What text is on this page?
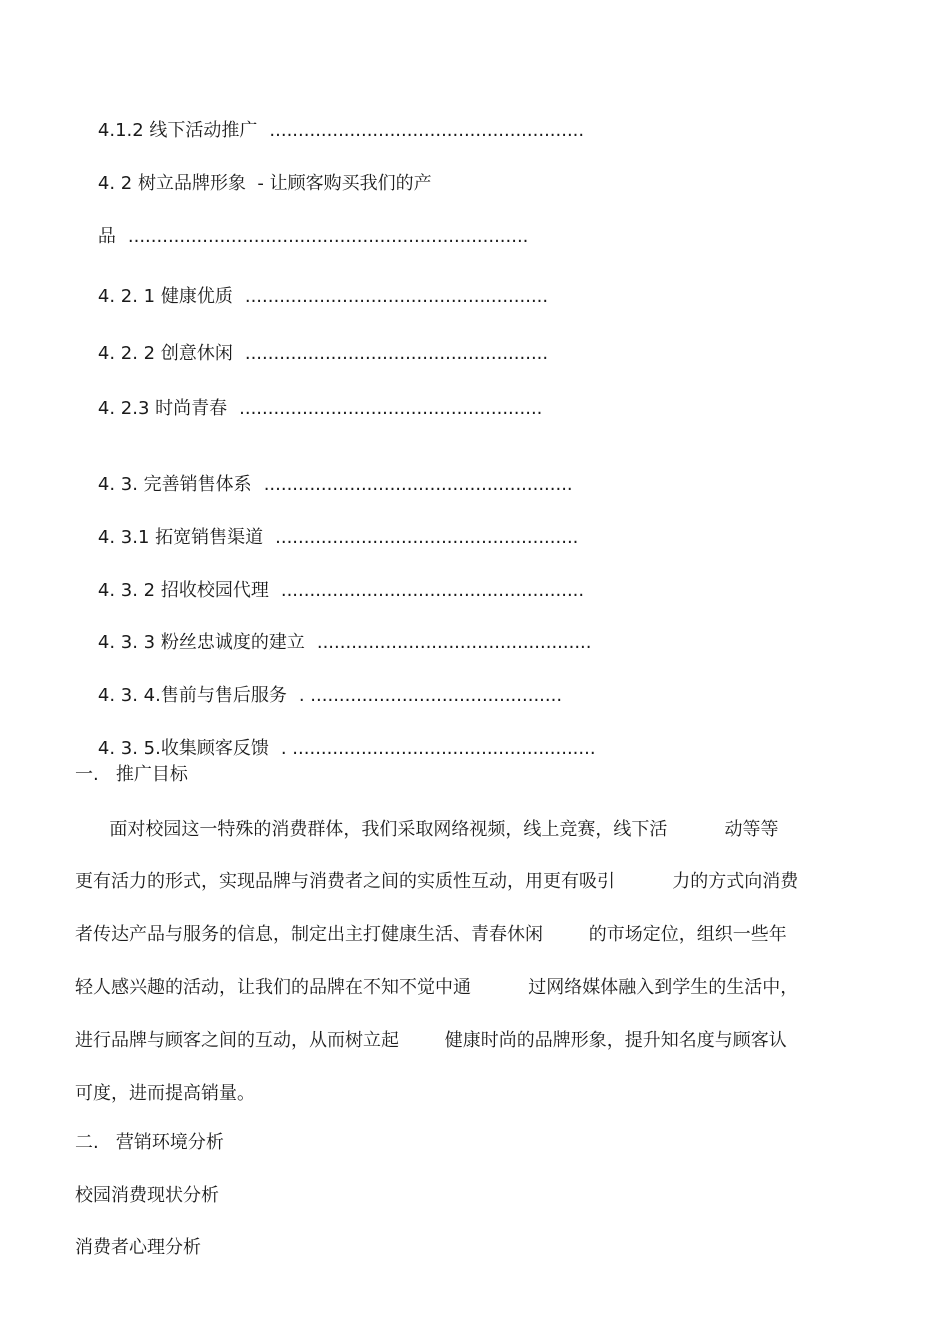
4.1.2 线下活动推广 .......................................................

4. 2 树立品牌形象  - 让顾客购买我们的产

品 ......................................................................

4. 2. 1 健康优质 .....................................................

4. 2. 2 创意休闲 .....................................................

4. 2.3 时尚青春 .....................................................

4. 3. 完善销售体系 ......................................................

4. 3.1 拓宽销售渠道 .....................................................

4. 3. 2 招收校园代理 .....................................................

4. 3. 3 粉丝忠诚度的建立 ................................................

4. 3. 4.售前与售后服务 . ............................................

4. 3. 5.收集顾客反馈 . .....................................................

一.   推广目标
面对校园这一特殊的消费群体，我们采取网络视频，线上竞赛，线下活          动等等
更有活力的形式，实现品牌与消费者之间的实质性互动，用更有吸引          力的方式向消费
者传达产品与服务的信息，制定出主打健康生活、青春休闲        的市场定位，组织一些年
轻人感兴趣的活动，让我们的品牌在不知不觉中通          过网络媒体融入到学生的生活中，
进行品牌与顾客之间的互动，从而树立起        健康时尚的品牌形象，提升知名度与顾客认
可度，进而提高销量。
二.   营销环境分析
校园消费现状分析
消费者心理分析
